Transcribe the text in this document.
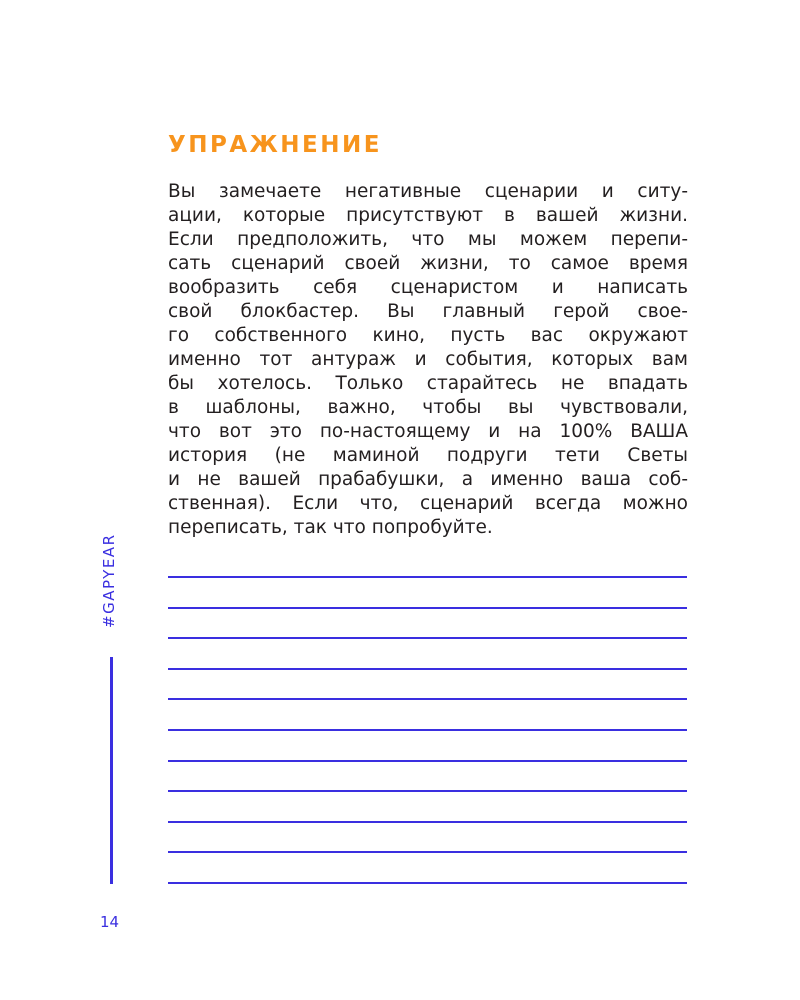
УПРАЖНЕНИЕ
Вы замечаете негативные сценарии и ситу-
ации, которые присутствуют в вашей жизни.
Если предположить, что мы можем перепи-
сать сценарий своей жизни, то самое время
вообразить себя сценаристом и написать
свой блокбастер. Вы главный герой свое-
го собственного кино, пусть вас окружают
именно тот антураж и события, которых вам
бы хотелось. Только старайтесь не впадать
в шаблоны, важно, чтобы вы чувствовали,
что вот это по-настоящему и на 100% ВАША
история (не маминой подруги тети Светы
и не вашей прабабушки, а именно ваша соб-
ственная). Если что, сценарий всегда можно
переписать, так что попробуйте.
#GAPYEAR
14
